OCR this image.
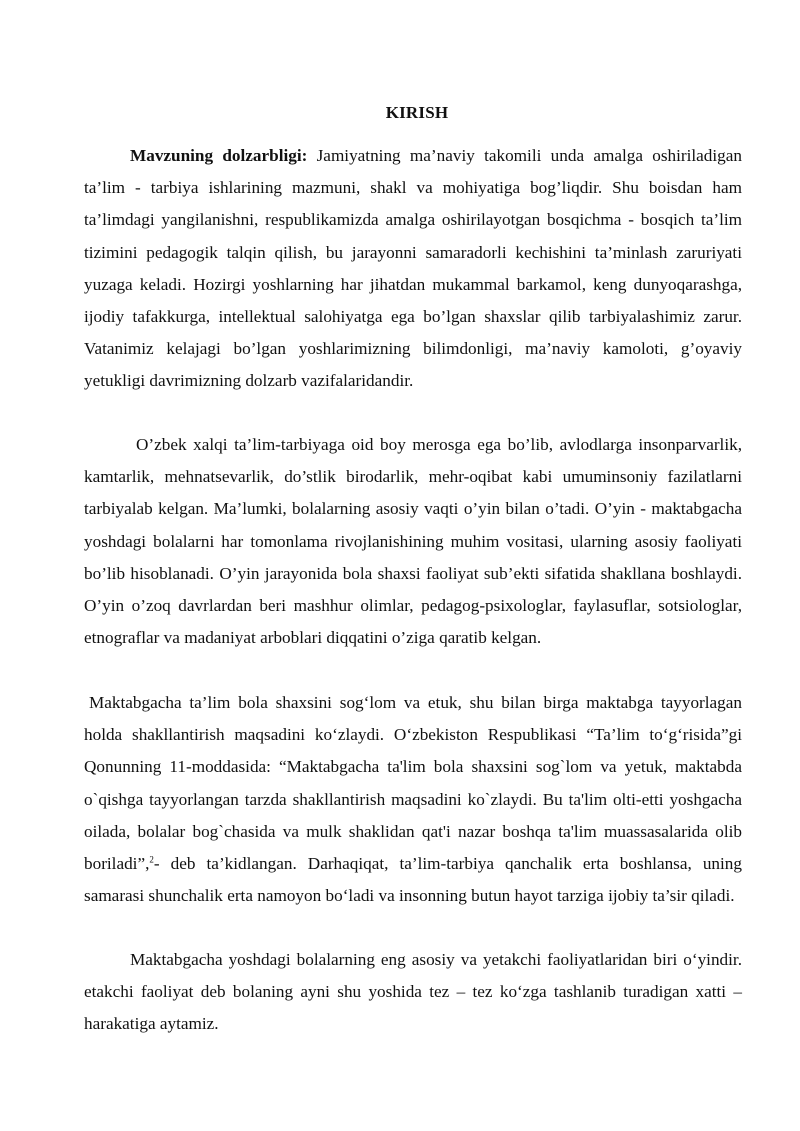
KIRISH

Mavzuning dolzarbligi: Jamiyatning ma’naviy takomili unda amalga oshiriladigan ta’lim - tarbiya ishlarining mazmuni, shakl va mohiyatiga bog’liqdir. Shu boisdan ham ta’limdagi yangilanishni, respublikamizda amalga oshirilayotgan bosqichma - bosqich ta’lim tizimini pedagogik talqin qilish, bu jarayonni samaradorli kechishini ta’minlash zaruriyati yuzaga keladi. Hozirgi yoshlarning har jihatdan mukammal barkamol, keng dunyoqarashga, ijodiy tafakkurga, intellektual salohiyatga ega bo’lgan shaxslar qilib tarbiyalashimiz zarur. Vatanimiz kelajagi bo’lgan yoshlarimizning bilimdonligi, ma’naviy kamoloti, g’oyaviy yetukligi davrimizning dolzarb vazifalaridandir.

O’zbek xalqi ta’lim-tarbiyaga oid boy merosga ega bo’lib, avlodlarga insonparvarlik, kamtarlik, mehnatsevarlik, do’stlik birodarlik, mehr-oqibat kabi umuminsoniy fazilatlarni tarbiyalab kelgan. Ma’lumki, bolalarning asosiy vaqti o’yin bilan o’tadi. O’yin - maktabgacha yoshdagi bolalarni har tomonlama rivojlanishining muhim vositasi, ularning asosiy faoliyati bo’lib hisoblanadi. O’yin jarayonida bola shaxsi faoliyat sub’ekti sifatida shakllana boshlaydi. O’yin o’zoq davrlardan beri mashhur olimlar, pedagog-psixologlar, faylasuflar, sotsiologlar, etnograflar va madaniyat arboblari diqqatini o’ziga qaratib kelgan.

Maktabgacha ta’lim bola shaxsini sog‘lom va etuk, shu bilan birga maktabga tayyorlagan holda shakllantirish maqsadini ko‘zlaydi. O‘zbekiston Respublikasi “Ta’lim to‘g‘risida”gi Qonunning 11-moddasida: “Maktabgacha ta'lim bola shaxsini sog`lom va yetuk, maktabda o`qishga tayyorlangan tarzda shakllantirish maqsadini ko`zlaydi. Bu ta'lim olti-etti yoshgacha oilada, bolalar bog`chasida va mulk shaklidan qat'i nazar boshqa ta'lim muassasalarida olib boriladi”,$^2$- deb ta’kidlangan. Darhaqiqat, ta’lim-tarbiya qanchalik erta boshlansa, uning samarasi shunchalik erta namoyon bo‘ladi va insonning butun hayot tarziga ijobiy ta’sir qiladi.

Maktabgacha yoshdagi bolalarning eng asosiy va yetakchi faoliyatlaridan biri o‘yindir. etakchi faoliyat deb bolaning ayni shu yoshida tez – tez ko‘zga tashlanib turadigan xatti – harakatiga aytamiz.
